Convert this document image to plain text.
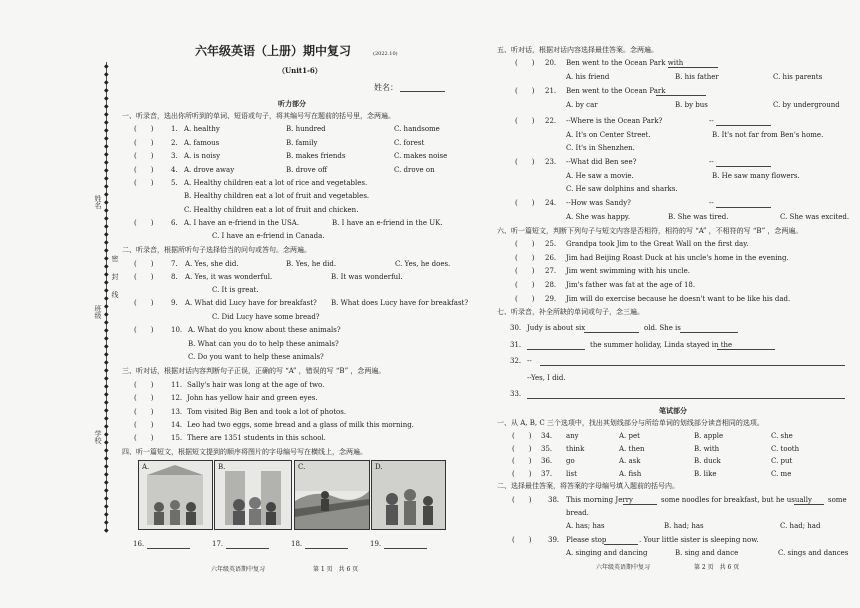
姓名
班级
学校
密　封　线
六年级英语（上册）期中复习	(2022.10)
（Unit1-6）
姓名：
听力部分
一、听录音，选出你所听到的单词、短语或句子，将其编号写在题前的括号里，念两遍。
(　　)	5. A. Healthy children eat a lot of rice and vegetables.
B. Healthy children eat a lot of fruit and vegetables.
C. Healthy children eat a lot of fruit and chicken.
(　　)	6. A. I have an e-friend in the USA.	B. I have an e-friend in the UK.
C. I have an e-friend in Canada.
二、听录音，根据所听句子选择恰当的问句或答句。念两遍。
(　　)	7. A. Yes, she did.	B. Yes, he did.	C. Yes, he does.
(　　)	8. A. Yes, it was wonderful.	B. It was wonderful.
C. It is great.
(　　)	9. A. What did Lucy have for breakfast? B. What does Lucy have for breakfast?
C. Did Lucy have some bread?
(　　)	10. A. What do you know about these animals?
B. What can you do to help these animals?
C. Do you want to help these animals?
三、听对话，根据对话内容判断句子正误，正确的写 “A” ，错误的写 “B” ，念两遍。
四、听一篇短文，根据短文提到的顺序将图片的字母编号写在横线上，念两遍。
A.	B.	C.	D.
六年级英语期中复习	第 1 页　共 6 页
五、听对话，根据对话内容选择最佳答案。念两遍。
(　　) 22. --Where is the Ocean Park?	--
A. It's on Center Street.	B. It's not far from Ben's home.
C. It's in Shenzhen.
(　　) 23. --What did Ben see?	--
A. He saw a movie.	B. He saw many flowers.
C. He saw dolphins and sharks.
(　　) 24. --How was Sandy?	--
A. She was happy.	B. She was tired.	C. She was excited.
六、听一篇短文，判断下列句子与短文内容是否相符，相符的写 “A” ，不相符的写 “B” ，念两遍。
七、听录音，补全所缺的单词或句子，念三遍。
30. Judy is about six	old. She is
31.	the summer holiday, Linda stayed in the
32. --
--Yes, I did.
33.
笔试部分
一、从 A, B, C 三个选项中，找出其划线部分与所给单词的划线部分读音相同的选项。
二、选择最佳答案，将答案的字母编号填入题前的括号内。
(　　) 38. This morning Jerry	some noodles for breakfast, but he usually some
bread.
A. has; has	B. had; has	C. had; had
(　　) 39. Please stop	. Your little sister is sleeping now.
A. singing and dancing	B. sing and dance	C. sings and dances
六年级英语期中复习	第 2 页　共 6 页
◆
◆
◆
◆
◆
◆
◆
◆
◆
◆
◆
◆
◆
◆
◆
◆
◆
◆
◆
◆
◆
◆
◆
◆
◆
◆
◆
◆
◆
◆
◆
◆
◆
◆
◆
◆
◆
◆
◆
◆
◆
◆
◆
◆
◆
◆
◆
◆
◆
◆
◆
◆
◆
◆
◆
◆
◆
◆
◆
(　　)	1. A. healthy	B. hundred	C. handsome
(　　)	2. A. famous	B. family	C. forest
(　　)	3. A. is noisy	B. makes friends	C. makes noise
(　　)	4. A. drove away	B. drove off	C. drove on
(　　)	11. Sally's hair was long at the age of two.
(　　)	12. John has yellow hair and green eyes.
(　　)	13. Tom visited Big Ben and took a lot of photos.
(　　)	14. Leo had two eggs, some bread and a glass of milk this morning.
(　　)	15. There are 1351 students in this school.
16.	17.	18.	19.
(　　) 20. Ben went to the Ocean Park with
A. his friend	B. his father	C. his parents
(　　) 21. Ben went to the Ocean Park
A. by car	B. by bus	C. by underground
(　　) 25. Grandpa took Jim to the Great Wall on the first day.
(　　) 26. Jim had Beijing Roast Duck at his uncle's home in the evening.
(　　) 27. Jim went swimming with his uncle.
(　　) 28. Jim's father was fat at the age of 18.
(　　) 29. Jim will do exercise because he doesn't want to be like his dad.
(　　) 34. any	A. pet	B. apple	C. she
(　　) 35. think	A. then	B. with	C. tooth
(　　) 36. go	A. ask	B. duck	C. put
(　　) 37. list	A. fish	B. like	C. me
